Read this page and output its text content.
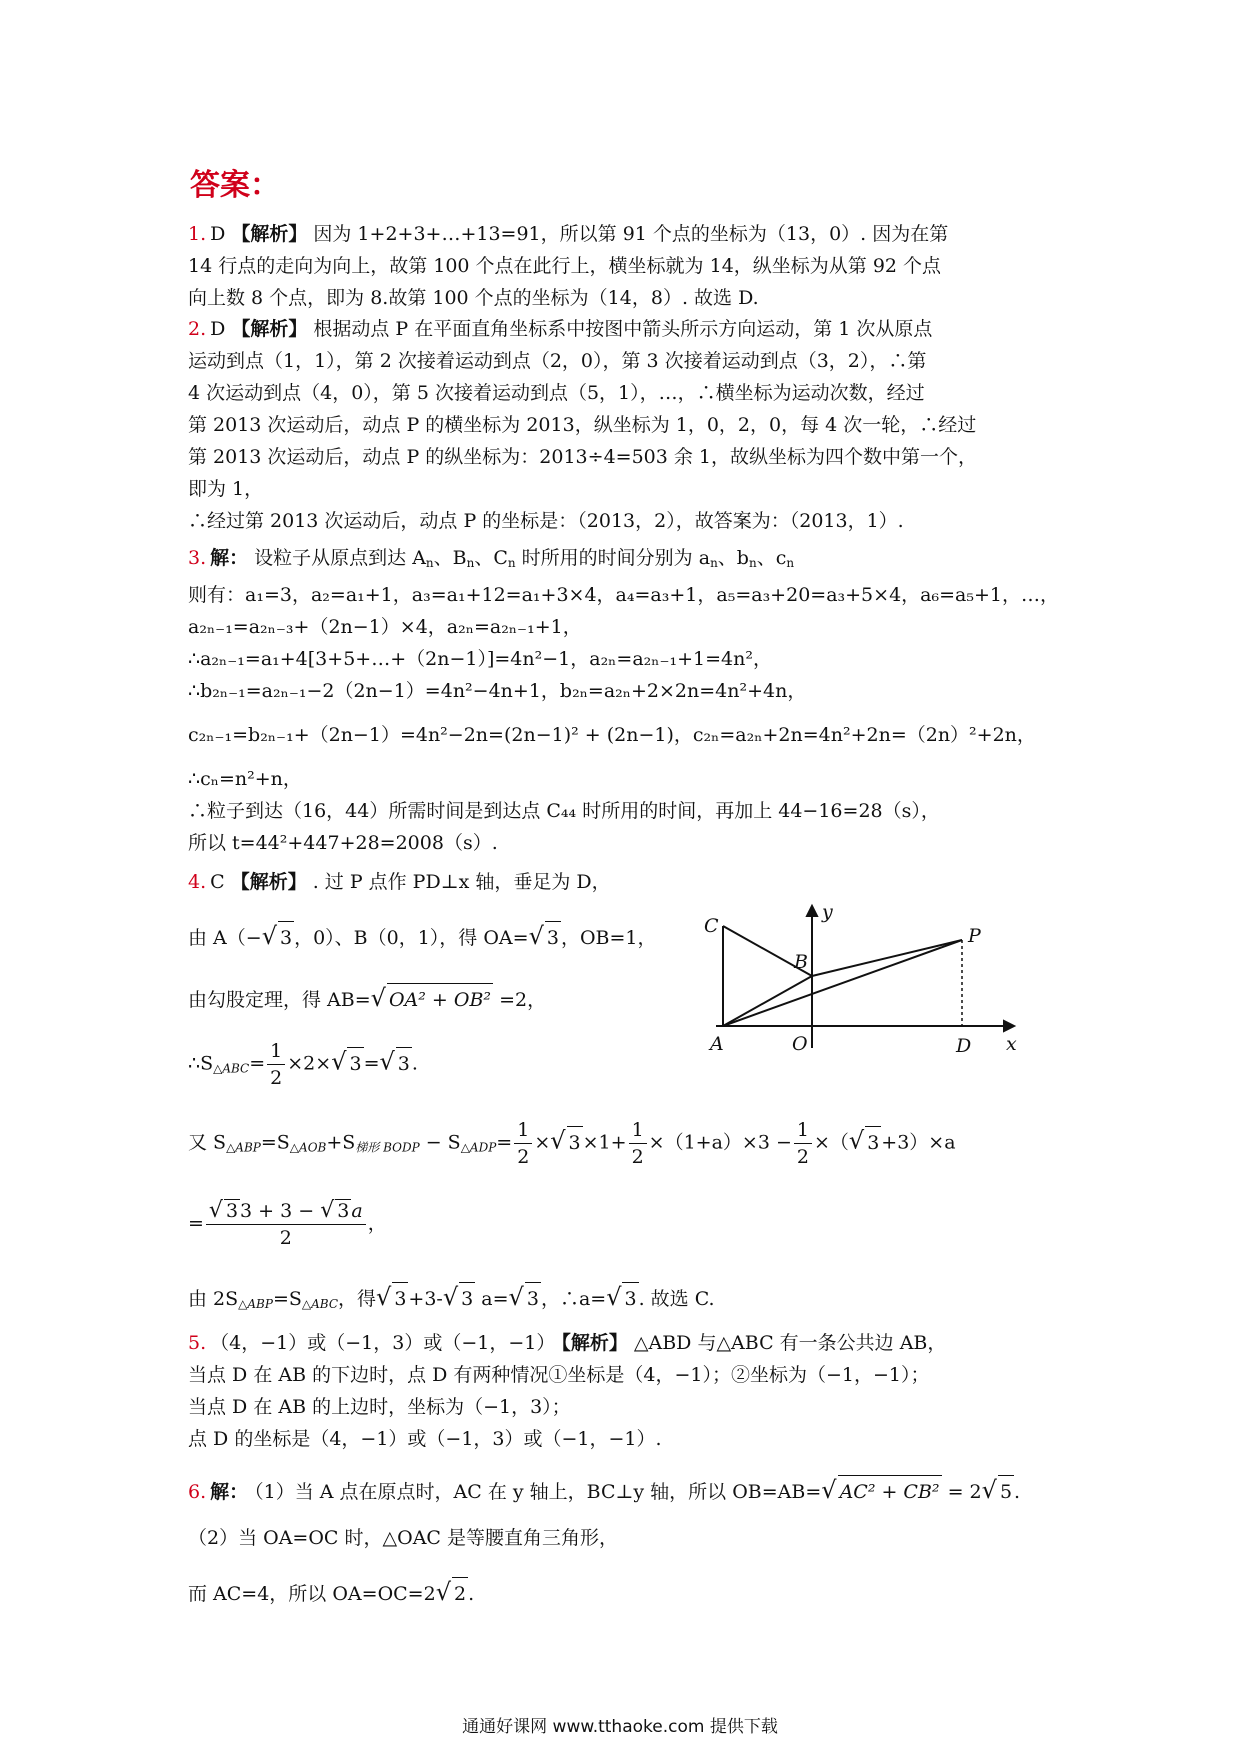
答案：
1. D 【解析】 因为 1+2+3+…+13=91，所以第 91 个点的坐标为（13，0）. 因为在第
14 行点的走向为向上，故第 100 个点在此行上，横坐标就为 14，纵坐标为从第 92 个点
向上数 8 个点，即为 8.故第 100 个点的坐标为（14，8）. 故选 D.
2. D 【解析】 根据动点 P 在平面直角坐标系中按图中箭头所示方向运动，第 1 次从原点
运动到点（1，1），第 2 次接着运动到点（2，0），第 3 次接着运动到点（3，2），∴第
4 次运动到点（4，0），第 5 次接着运动到点（5，1），…，∴横坐标为运动次数，经过
第 2013 次运动后，动点 P 的横坐标为 2013，纵坐标为 1，0，2，0，每 4 次一轮，∴经过
第 2013 次运动后，动点 P 的纵坐标为：2013÷4=503 余 1，故纵坐标为四个数中第一个，
即为 1，
∴经过第 2013 次运动后，动点 P 的坐标是：（2013，2），故答案为：（2013，1）.
3. 解： 设粒子从原点到达 $A_n$、$B_n$、$C_n$ 时所用的时间分别为 $a_n$、$b_n$、$c_n$
则有：a₁=3，a₂=a₁+1，a₃=a₁+12=a₁+3×4，a₄=a₃+1，a₅=a₃+20=a₃+5×4，a₆=a₅+1，…，
a₂ₙ₋₁=a₂ₙ₋₃+（2n−1）×4，a₂ₙ=a₂ₙ₋₁+1，
∴a₂ₙ₋₁=a₁+4[3+5+…+（2n−1）]=4n²−1，a₂ₙ=a₂ₙ₋₁+1=4n²，
∴b₂ₙ₋₁=a₂ₙ₋₁−2（2n−1）=4n²−4n+1，b₂ₙ=a₂ₙ+2×2n=4n²+4n，
c₂ₙ₋₁=b₂ₙ₋₁+（2n−1）=4n²−2n=(2n−1)² + (2n−1)，c₂ₙ=a₂ₙ+2n=4n²+2n=（2n）²+2n，
∴cₙ=n²+n，
∴粒子到达（16，44）所需时间是到达点 C₄₄ 时所用的时间，再加上 44−16=28（s），
所以 t=44²+447+28=2008（s）.
4. C 【解析】 . 过 P 点作 PD⊥x 轴，垂足为 D，
由 A（−√ 3 ，0）、B（0，1），得 OA=√ 3 ，OB=1，
由勾股定理，得 AB=√ OA² + OB² =2，
$\therefore S_{\triangle ABC}= \frac{1}{2} \times 2\times√$ 3 =√ 3 .
又 $S_{\triangle ABP}=S_{\triangle AOB}+S_{梯形 BODP} - S_{\triangle ADP}= \frac{1}{2}$ ×√ $3 \times 1+ \frac{1}{2} \times(1+a)\times 3 - \frac{1}{2}$ ×（√ 3 +3）×a
= $\frac{√ 3 3 + 3 - √ 3 a}{2}$ ，
由 $2S_{\triangle ABP}=S_{\triangle ABC}$，得√ 3 +3-√ 3 a=√ 3 ，∴a=√ 3 . 故选 C.
C
B
A	O	D x
y
P
5. （4，−1）或（−1，3）或（−1，−1） 【解析】 △ABD 与△ABC 有一条公共边 AB，
当点 D 在 AB 的下边时，点 D 有两种情况①坐标是（4，−1）；②坐标为（−1，−1）；
当点 D 在 AB 的上边时，坐标为（−1，3）；
点 D 的坐标是（4，−1）或（−1，3）或（−1，−1）.
6. 解： （1）当 A 点在原点时，AC 在 y 轴上，BC⊥y 轴，所以 OB=AB=√ AC² + CB² = 2√ 5 .
（2）当 OA=OC 时，△OAC 是等腰直角三角形，
而 AC=4，所以 OA=OC=2√ 2 .
通通好课网 www.tthaoke.com 提供下载
